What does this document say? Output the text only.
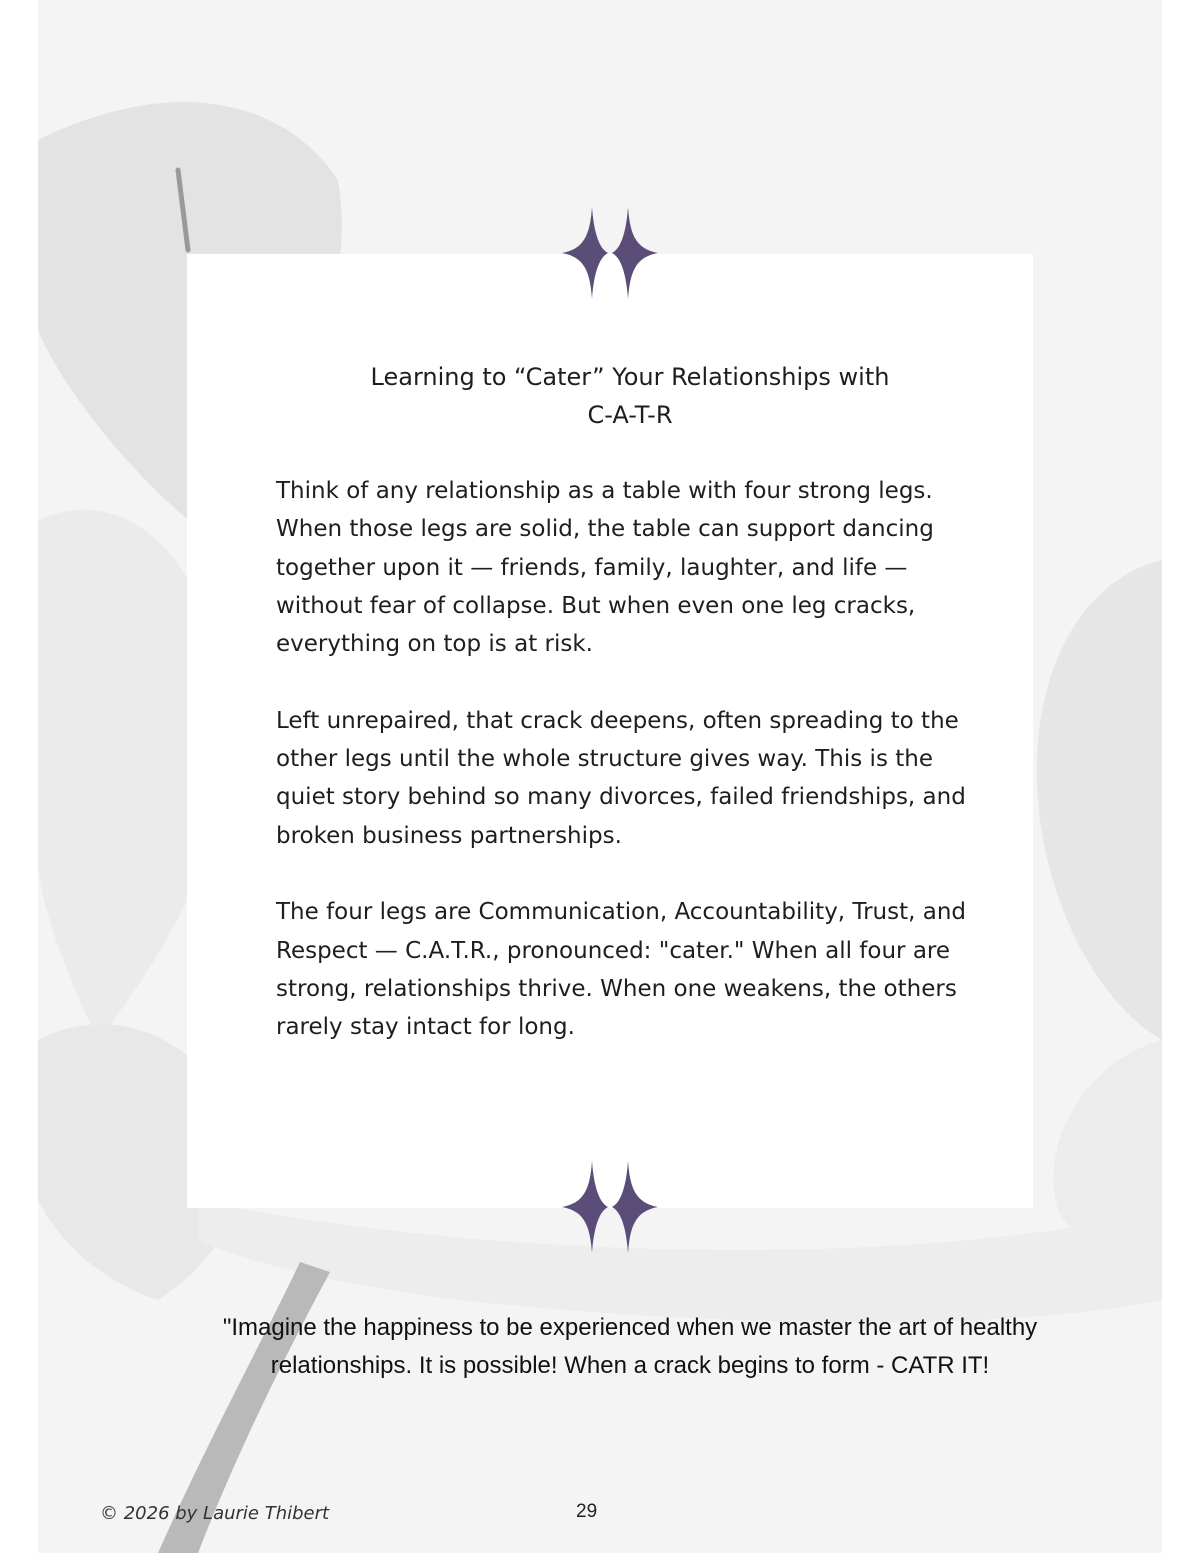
Learning to “Cater” Your Relationships with
C-A-T-R

Think of any relationship as a table with four strong legs. When those legs are solid, the table can support dancing together upon it — friends, family, laughter, and life — without fear of collapse. But when even one leg cracks, everything on top is at risk.

Left unrepaired, that crack deepens, often spreading to the other legs until the whole structure gives way. This is the quiet story behind so many divorces, failed friendships, and broken business partnerships.

The four legs are Communication, Accountability, Trust, and Respect — C.A.T.R., pronounced: "cater." When all four are strong, relationships thrive. When one weakens, the others rarely stay intact for long.

"Imagine the happiness to be experienced when we master the art of healthy
relationships. It is possible! When a crack begins to form - CATR IT!
© 2026 by Laurie Thibert	29
